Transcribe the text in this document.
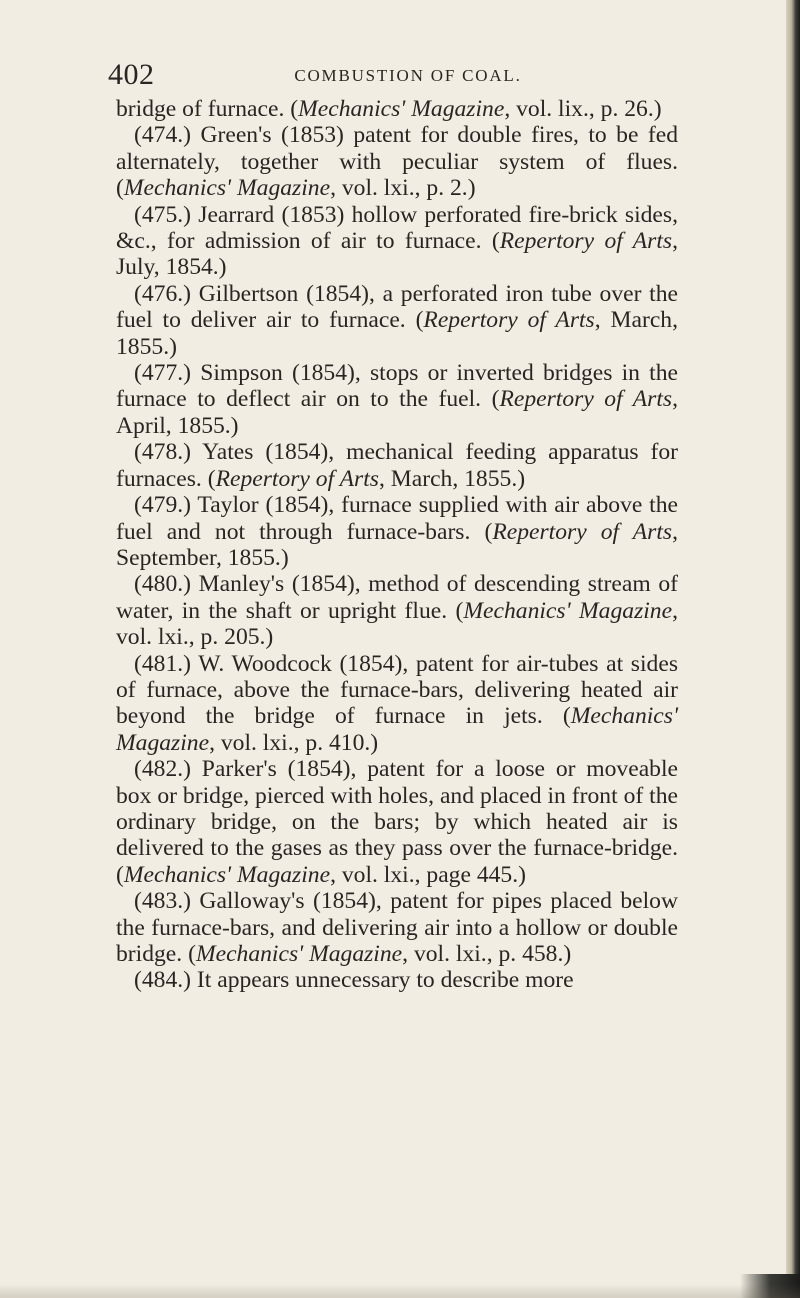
402	COMBUSTION OF COAL.

bridge of furnace. (Mechanics' Magazine, vol. lix., p. 26.)

(474.) Green's (1853) patent for double fires, to be fed alternately, together with peculiar system of flues. (Mechanics' Magazine, vol. lxi., p. 2.)

(475.) Jearrard (1853) hollow perforated fire-brick sides, &c., for admission of air to furnace. (Repertory of Arts, July, 1854.)

(476.) Gilbertson (1854), a perforated iron tube over the fuel to deliver air to furnace. (Repertory of Arts, March, 1855.)

(477.) Simpson (1854), stops or inverted bridges in the furnace to deflect air on to the fuel. (Repertory of Arts, April, 1855.)

(478.) Yates (1854), mechanical feeding apparatus for furnaces. (Repertory of Arts, March, 1855.)

(479.) Taylor (1854), furnace supplied with air above the fuel and not through furnace-bars. (Repertory of Arts, September, 1855.)

(480.) Manley's (1854), method of descending stream of water, in the shaft or upright flue. (Mechanics' Magazine, vol. lxi., p. 205.)

(481.) W. Woodcock (1854), patent for air-tubes at sides of furnace, above the furnace-bars, delivering heated air beyond the bridge of furnace in jets. (Mechanics' Magazine, vol. lxi., p. 410.)

(482.) Parker's (1854), patent for a loose or moveable box or bridge, pierced with holes, and placed in front of the ordinary bridge, on the bars; by which heated air is delivered to the gases as they pass over the furnace-bridge. (Mechanics' Magazine, vol. lxi., page 445.)

(483.) Galloway's (1854), patent for pipes placed below the furnace-bars, and delivering air into a hollow or double bridge. (Mechanics' Magazine, vol. lxi., p. 458.)

(484.) It appears unnecessary to describe more
